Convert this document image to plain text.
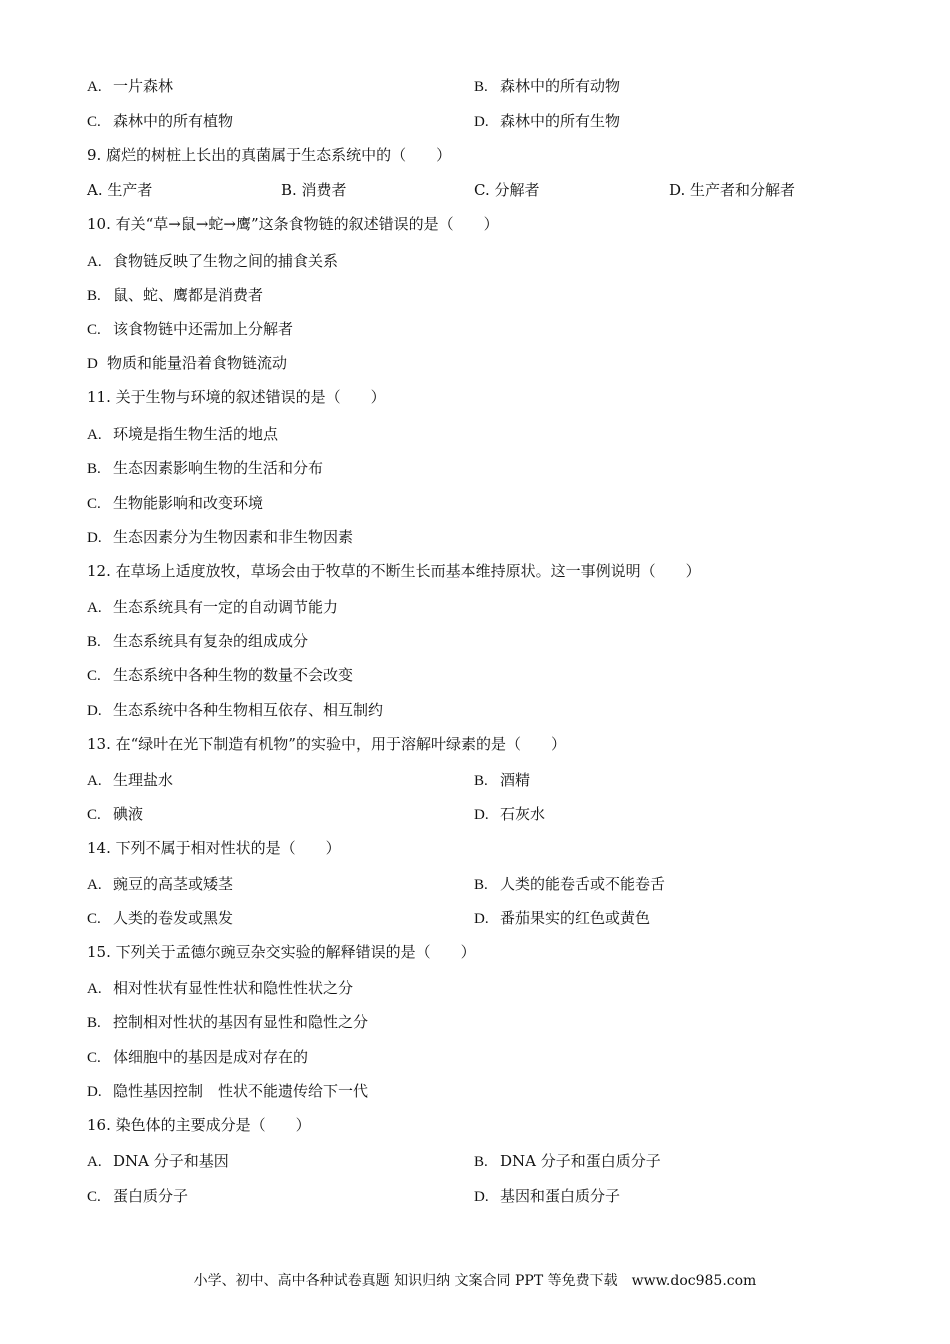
A. 一片森林	B. 森林中的所有动物
C. 森林中的所有植物	D. 森林中的所有生物
9. 腐烂的树桩上长出的真菌属于生态系统中的（　　）
A. 生产者	B. 消费者	C. 分解者	D. 生产者和分解者
10. 有关“草→鼠→蛇→鹰”这条食物链的叙述错误的是（　　）
A. 食物链反映了生物之间的捕食关系
B. 鼠、蛇、鹰都是消费者
C. 该食物链中还需加上分解者
D 物质和能量沿着食物链流动
11. 关于生物与环境的叙述错误的是（　　）
A. 环境是指生物生活的地点
B. 生态因素影响生物的生活和分布
C. 生物能影响和改变环境
D. 生态因素分为生物因素和非生物因素
12. 在草场上适度放牧，草场会由于牧草的不断生长而基本维持原状。这一事例说明（　　）
A. 生态系统具有一定的自动调节能力
B. 生态系统具有复杂的组成成分
C. 生态系统中各种生物的数量不会改变
D. 生态系统中各种生物相互依存、相互制约
13. 在“绿叶在光下制造有机物”的实验中，用于溶解叶绿素的是（　　）
A. 生理盐水	B. 酒精
C. 碘液	D. 石灰水
14. 下列不属于相对性状的是（　　）
A. 豌豆的高茎或矮茎	B. 人类的能卷舌或不能卷舌
C. 人类的卷发或黑发	D. 番茄果实的红色或黄色
15. 下列关于孟德尔豌豆杂交实验的解释错误的是（　　）
A. 相对性状有显性性状和隐性性状之分
B. 控制相对性状的基因有显性和隐性之分
C. 体细胞中的基因是成对存在的
D. 隐性基因控制　性状不能遗传给下一代
16. 染色体的主要成分是（　　）
A. DNA 分子和基因	B. DNA 分子和蛋白质分子
C. 蛋白质分子	D. 基因和蛋白质分子
小学、初中、高中各种试卷真题 知识归纳 文案合同 PPT 等免费下载　www.doc985.com
